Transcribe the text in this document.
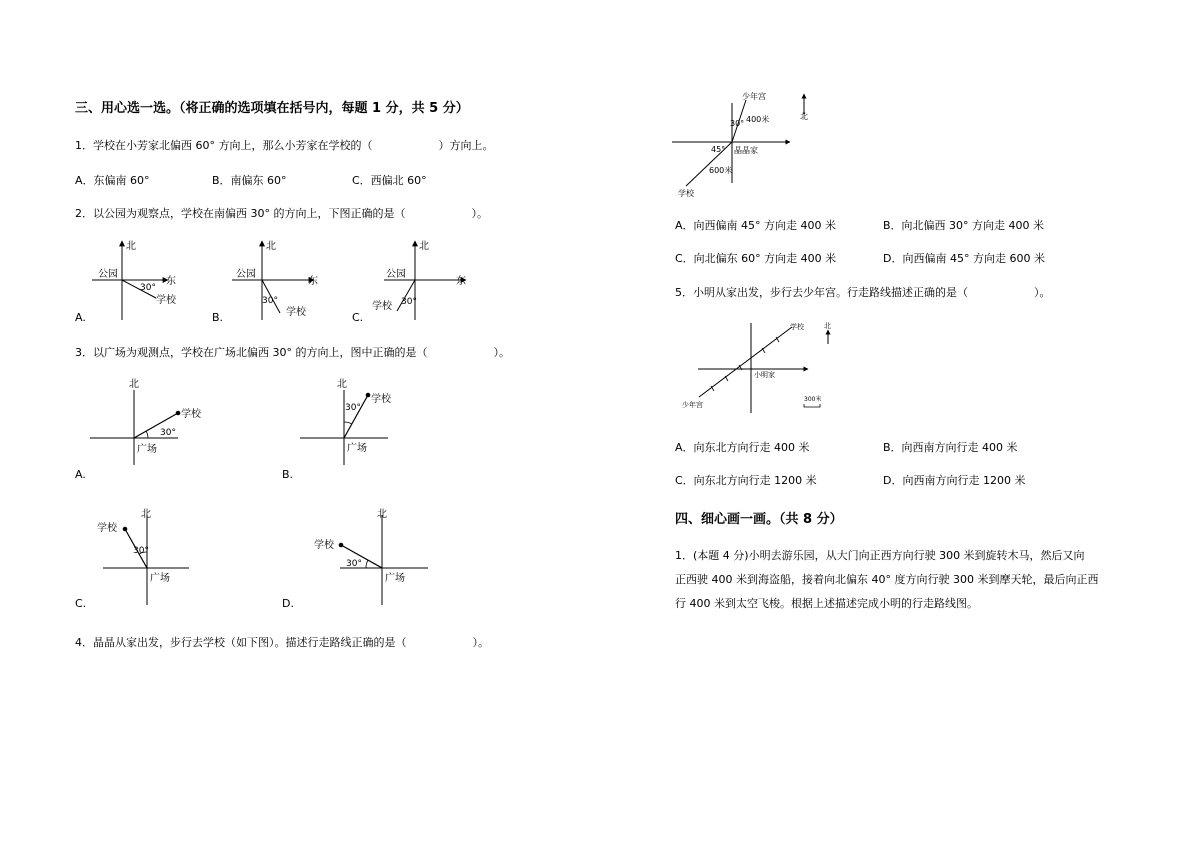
三、用心选一选。（将正确的选项填在括号内，每题 1 分，共 5 分）
1．学校在小芳家北偏西 60° 方向上，那么小芳家在学校的（　　　　　　）方向上。
A．东偏南 60°	B．南偏东 60°	C．西偏北 60°
2．以公园为观察点，学校在南偏西 30° 的方向上，下图正确的是（　　　　　　）。
北
公园
东
30°
学校
A.
北
公园
东
30°
学校
B.
北
公园
东
30°
学校
C.
3．以广场为观测点，学校在广场北偏西 30° 的方向上，图中正确的是（　　　　　　）。
北
30°
学校
广场
A.
北
30°
学校
广场
B.
北
30°
学校
广场
C.
北
30°
学校
广场
D.
4．晶晶从家出发，步行去学校（如下图）。描述行走路线正确的是（　　　　　　）。
少年宫
北
400米
30°
45° 晶晶家
600米
学校
A．向西偏南 45° 方向走 400 米	B．向北偏西 30° 方向走 400 米
C．向北偏东 60° 方向走 400 米	D．向西偏南 45° 方向走 600 米
5．小明从家出发，步行去少年宫。行走路线描述正确的是（　　　　　　）。
学校	北
小明家
少年宫
300米
A．向东北方向行走 400 米	B．向西南方向行走 400 米
C．向东北方向行走 1200 米	D．向西南方向行走 1200 米
四、细心画一画。（共 8 分）
1．(本题 4 分)小明去游乐园，从大门向正西方向行驶 300 米到旋转木马，然后又向
正西驶 400 米到海盗船，接着向北偏东 40° 度方向行驶 300 米到摩天轮，最后向正西
行 400 米到太空飞梭。根据上述描述完成小明的行走路线图。
